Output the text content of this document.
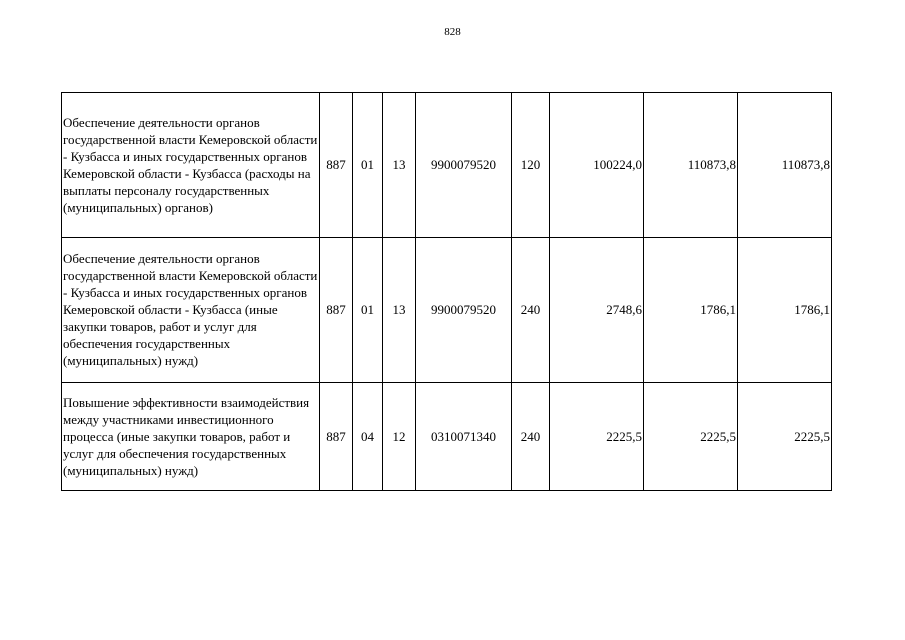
828
Обеспечение деятельности органов государственной власти Кемеровской области - Кузбасса и иных государственных органов Кемеровской области - Кузбасса (расходы на выплаты персоналу государственных (муниципальных) органов)	887	01	13	9900079520	120	100224,0	110873,8	110873,8
Обеспечение деятельности органов государственной власти Кемеровской области - Кузбасса и иных государственных органов Кемеровской области - Кузбасса (иные закупки товаров, работ и услуг для обеспечения государственных (муниципальных) нужд)	887	01	13	9900079520	240	2748,6	1786,1	1786,1
Повышение эффективности взаимодействия между участниками инвестиционного процесса (иные закупки товаров, работ и услуг для обеспечения государственных (муниципальных) нужд)	887	04	12	0310071340	240	2225,5	2225,5	2225,5
